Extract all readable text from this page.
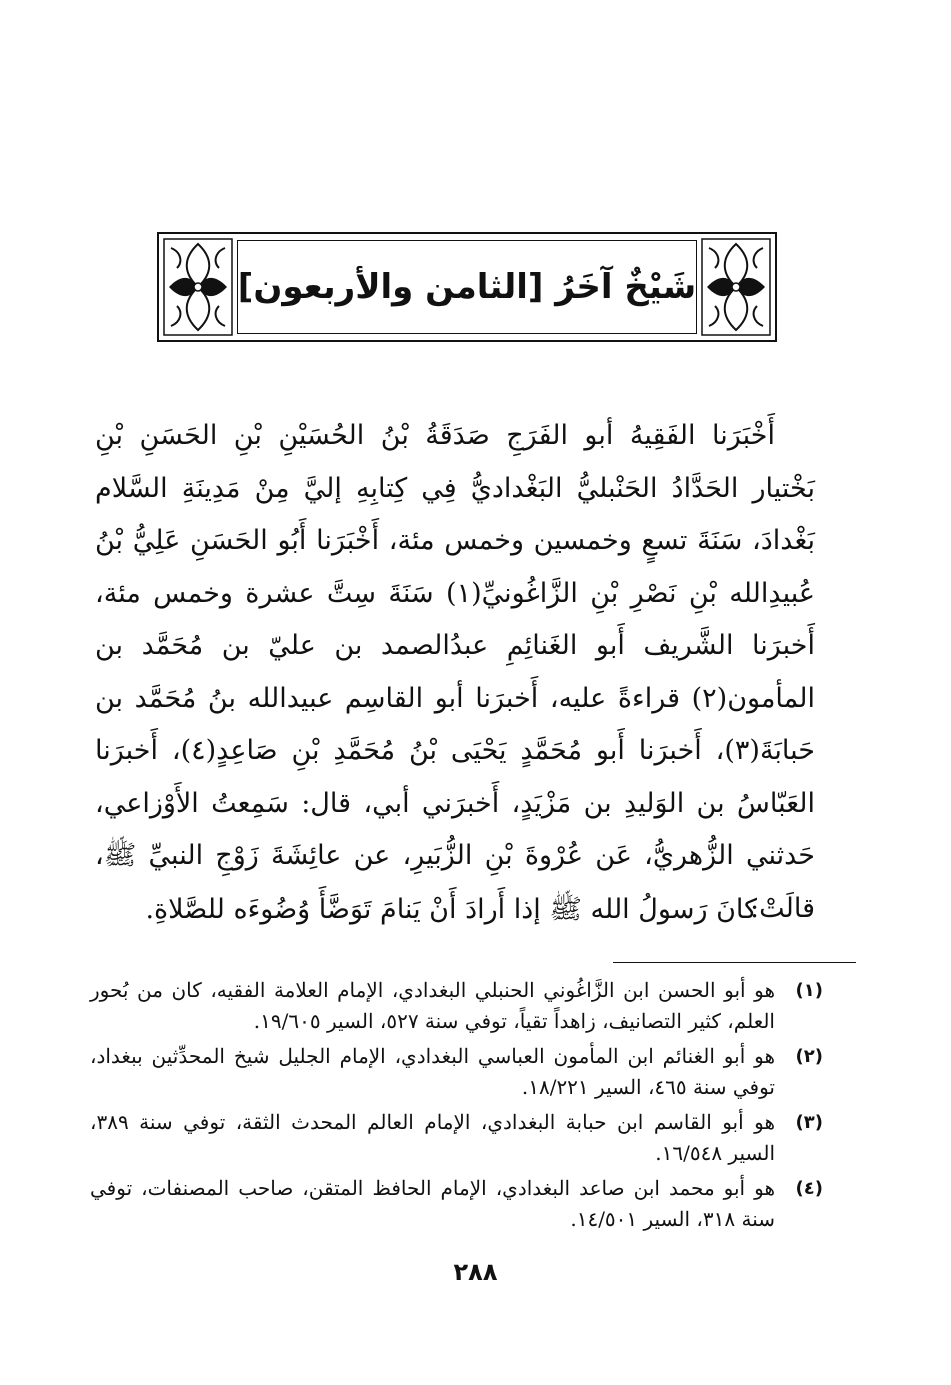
شَيْخٌ آخَرُ [الثامن والأربعون]

أَخْبَرَنا الفَقِيهُ أبو الفَرَجِ صَدَقَةُ بْنُ الحُسَيْنِ بْنِ الحَسَنِ بْنِ بَخْتيار الحَدَّادُ الحَنْبليُّ البَغْداديُّ فِي كِتابِهِ إليَّ مِنْ مَدِينَةِ السَّلام بَغْدادَ، سَنَةَ تسعٍ وخمسين وخمس مئة، أَخْبَرَنا أَبُو الحَسَنِ عَلِيُّ بْنُ عُبيدِالله بْنِ نَصْرِ بْنِ الزَّاغُونيِّ(١) سَنَةَ سِتَّ عشرة وخمس مئة، أَخبرَنا الشَّريف أَبو الغَنائِمِ عبدُالصمد بن عليّ بن مُحَمَّد بن المأمون(٢) قراءةً عليه، أَخبرَنا أبو القاسِم عبيدالله بنُ مُحَمَّد بن حَبابَةَ(٣)، أَخبرَنا أَبو مُحَمَّدٍ يَحْيَى بْنُ مُحَمَّدِ بْنِ صَاعِدٍ(٤)، أَخبرَنا العَبّاسُ بن الوَليدِ بن مَزْيَدٍ، أَخبرَني أبي، قال: سَمِعتُ الأَوْزاعي، حَدثني الزُّهريُّ، عَن عُرْوةَ بْنِ الزُّبَيرِ، عن عائِشَةَ زَوْجِ النبيِّ ﷺ، قالَتْ:

كانَ رَسولُ الله ﷺ إذا أَرادَ أَنْ يَنامَ تَوَضَّأَ وُضُوءَه للصَّلاةِ.
(١)
هو أبو الحسن ابن الزَّاغُوني الحنبلي البغدادي، الإمام العلامة الفقيه، كان من بُحور العلم، كثير التصانيف، زاهداً تقياً، توفي سنة ٥٢٧، السير ١٩/٦٠٥.
(٢)
هو أبو الغنائم ابن المأمون العباسي البغدادي، الإمام الجليل شيخ المحدِّثين ببغداد، توفي سنة ٤٦٥، السير ١٨/٢٢١.
(٣)
هو أبو القاسم ابن حبابة البغدادي، الإمام العالم المحدث الثقة، توفي سنة ٣٨٩، السير ١٦/٥٤٨.
(٤)
هو أبو محمد ابن صاعد البغدادي، الإمام الحافظ المتقن، صاحب المصنفات، توفي سنة ٣١٨، السير ١٤/٥٠١.
٢٨٨
